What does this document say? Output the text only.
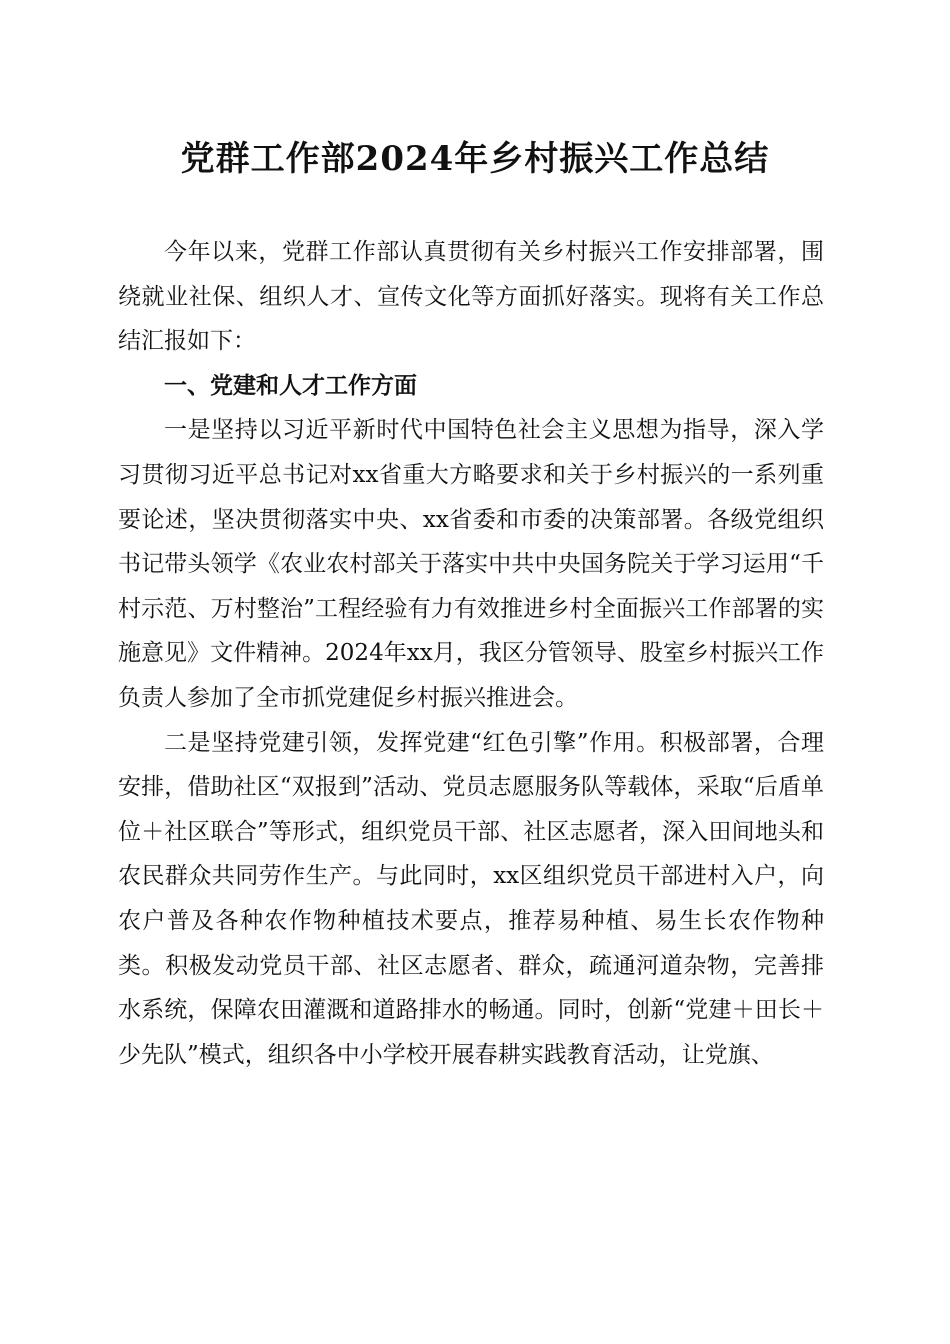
党群工作部2024年乡村振兴工作总结

今年以来，党群工作部认真贯彻有关乡村振兴工作安排部署，围绕就业社保、组织人才、宣传文化等方面抓好落实。现将有关工作总结汇报如下：

一、党建和人才工作方面

一是坚持以习近平新时代中国特色社会主义思想为指导，深入学习贯彻习近平总书记对xx省重大方略要求和关于乡村振兴的一系列重要论述，坚决贯彻落实中央、xx省委和市委的决策部署。各级党组织书记带头领学《农业农村部关于落实中共中央国务院关于学习运用“千村示范、万村整治”工程经验有力有效推进乡村全面振兴工作部署的实施意见》文件精神。2024年xx月，我区分管领导、股室乡村振兴工作负责人参加了全市抓党建促乡村振兴推进会。

二是坚持党建引领，发挥党建“红色引擎”作用。积极部署，合理安排，借助社区“双报到”活动、党员志愿服务队等载体，采取“后盾单位＋社区联合”等形式，组织党员干部、社区志愿者，深入田间地头和农民群众共同劳作生产。与此同时，xx区组织党员干部进村入户，向农户普及各种农作物种植技术要点，推荐易种植、易生长农作物种类。积极发动党员干部、社区志愿者、群众，疏通河道杂物，完善排水系统，保障农田灌溉和道路排水的畅通。同时，创新“党建＋田长＋少先队”模式，组织各中小学校开展春耕实践教育活动，让党旗、
